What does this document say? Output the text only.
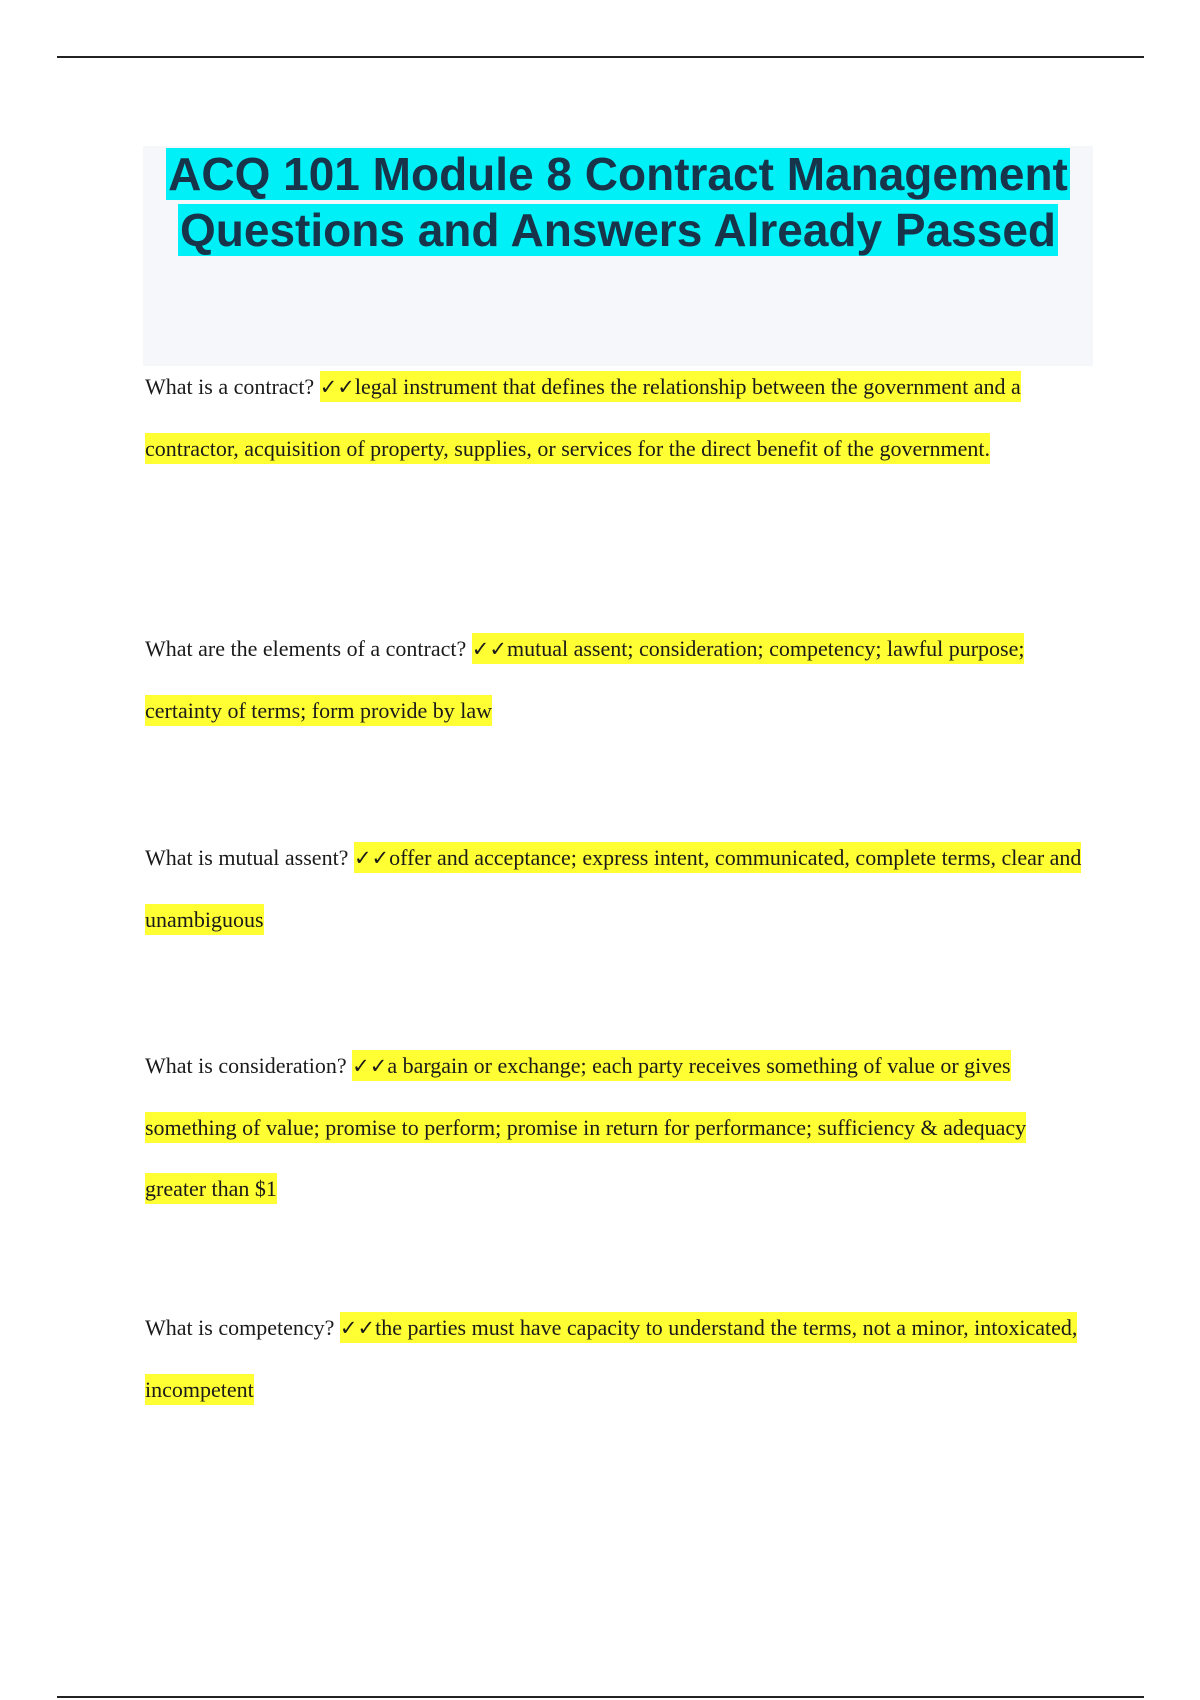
ACQ 101 Module 8 Contract Management Questions and Answers Already Passed

What is a contract? ✓✓legal instrument that defines the relationship between the government and a contractor, acquisition of property, supplies, or services for the direct benefit of the government.

What are the elements of a contract? ✓✓mutual assent; consideration; competency; lawful purpose; certainty of terms; form provide by law

What is mutual assent? ✓✓offer and acceptance; express intent, communicated, complete terms, clear and unambiguous

What is consideration? ✓✓a bargain or exchange; each party receives something of value or gives something of value; promise to perform; promise in return for performance; sufficiency & adequacy greater than $1

What is competency? ✓✓the parties must have capacity to understand the terms, not a minor, intoxicated, incompetent
